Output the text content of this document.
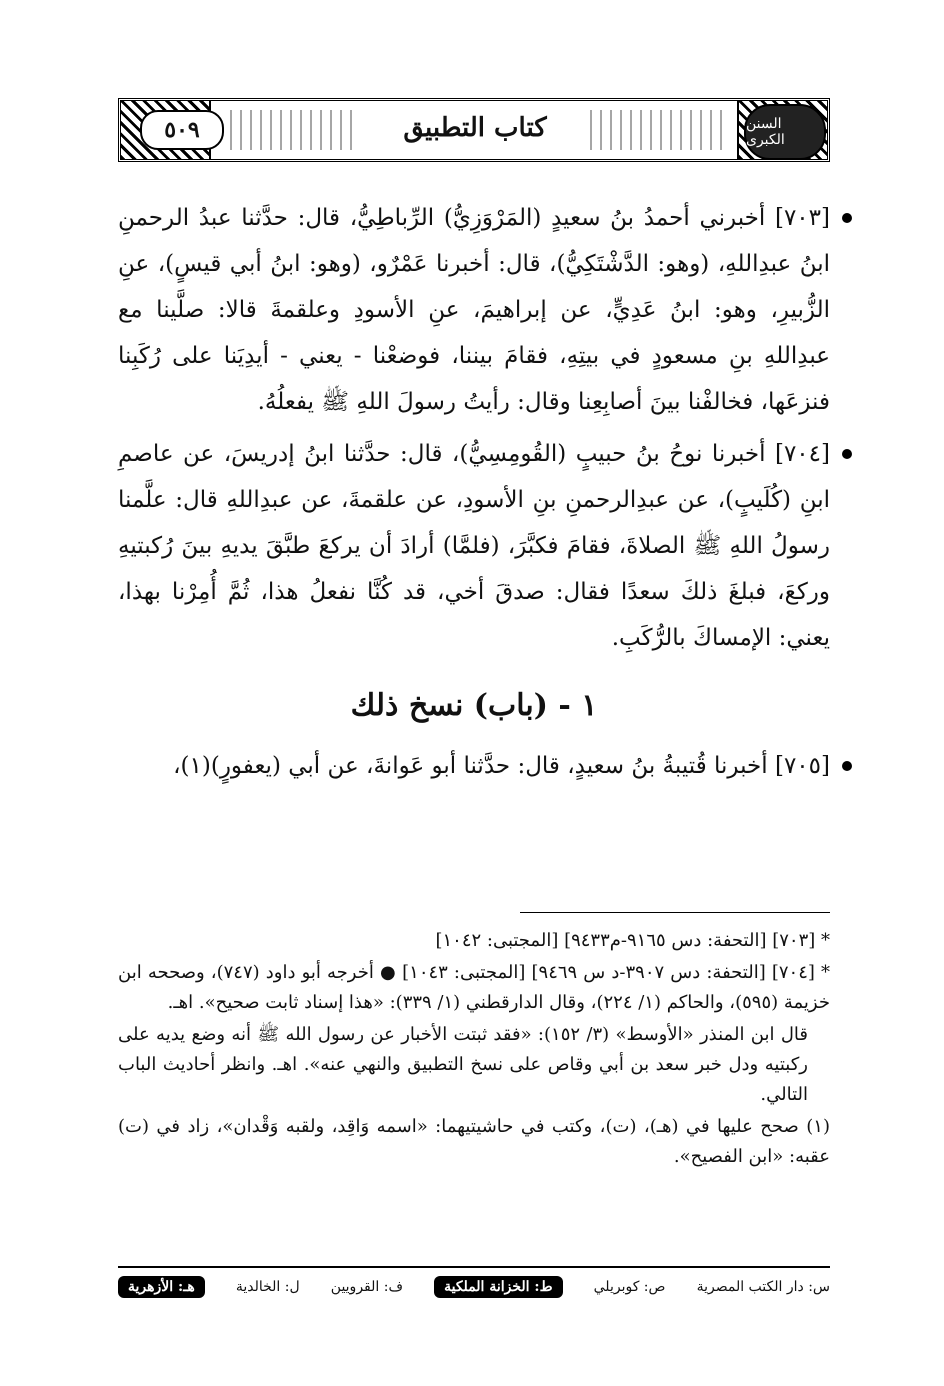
٥٠٩	كتاب التطبيق	السنن الكبرى
[٧٠٣] أخبرني أحمدُ بنُ سعيدٍ (المَرْوَزِيُّ) الرِّباطِيُّ، قال: حدَّثنا عبدُ الرحمنِ ابنُ عبدِاللهِ، (وهو: الدَّشْتَكِيُّ)، قال: أخبرنا عَمْرٌو، (وهو: ابنُ أبي قيسٍ)، عنِ الزُّبيرِ، وهو: ابنُ عَدِيٍّ، عن إبراهيمَ، عنِ الأسودِ وعلقمةَ قالا: صلَّينا مع عبدِاللهِ بنِ مسعودٍ في بيتِهِ، فقامَ بيننا، فوضعْنا - يعني - أيدِيَنا على رُكَبِنا فنزعَها، فخالفْنا بينَ أصابِعِنا وقال: رأيتُ رسولَ اللهِ ﷺ يفعلُهُ.
[٧٠٤] أخبرنا نوحُ بنُ حبيبٍ (القُومِسِيُّ)، قال: حدَّثنا ابنُ إدريسَ، عن عاصمِ ابنِ (كُلَيبٍ)، عن عبدِالرحمنِ بنِ الأسودِ، عن علقمةَ، عن عبدِاللهِ قال: علَّمنا رسولُ اللهِ ﷺ الصلاةَ، فقامَ فكبَّرَ، (فلمَّا) أرادَ أن يركعَ طبَّقَ يديهِ بينَ رُكبتيهِ وركعَ، فبلغَ ذلكَ سعدًا فقال: صدقَ أخي، قد كُنَّا نفعلُ هذا، ثُمَّ أُمِرْنا بهذا، يعني: الإمساكَ بالرُّكَبِ.
١ - (باب) نسخ ذلك
[٧٠٥] أخبرنا قُتيبةُ بنُ سعيدٍ، قال: حدَّثنا أبو عَوانةَ، عن أبي (يعفورٍ)(١)،

* [٧٠٣] [التحفة: دس ٩١٦٥-م٩٤٣٣] [المجتبى: ١٠٤٢]

* [٧٠٤] [التحفة: دس ٣٩٠٧-د س ٩٤٦٩] [المجتبى: ١٠٤٣] ● أخرجه أبو داود (٧٤٧)، وصححه ابن خزيمة (٥٩٥)، والحاكم (١/ ٢٢٤)، وقال الدارقطني (١/ ٣٣٩): «هذا إسناد ثابت صحيح». اهـ.

قال ابن المنذر «الأوسط» (٣/ ١٥٢): «فقد ثبتت الأخبار عن رسول الله ﷺ أنه وضع يديه على ركبتيه ودل خبر سعد بن أبي وقاص على نسخ التطبيق والنهي عنه». اهـ. وانظر أحاديث الباب التالي.

(١) صحح عليها في (هـ)، (ت)، وكتب في حاشيتيهما: «اسمه وَاقِد، ولقبه وَقْدان»، زاد في (ت) عقبه: «ابن الفصيح».

س: دار الكتب المصرية
ص: كوبريلي
ط: الخزانة الملكية
ف: القرويين
ل: الخالدية
هـ: الأزهرية
